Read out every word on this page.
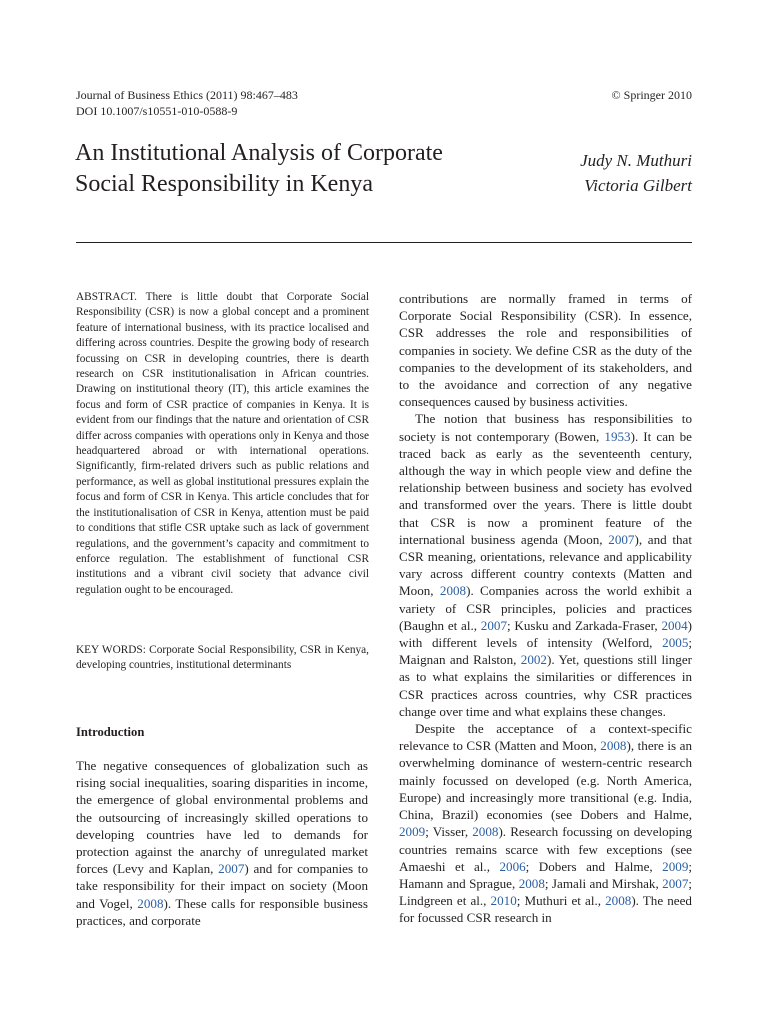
Journal of Business Ethics (2011) 98:467–483
DOI 10.1007/s10551-010-0588-9
© Springer 2010
An Institutional Analysis of Corporate
Social Responsibility in Kenya
Judy N. Muthuri
Victoria Gilbert

ABSTRACT. There is little doubt that Corporate Social Responsibility (CSR) is now a global concept and a prominent feature of international business, with its practice localised and differing across countries. Despite the growing body of research focussing on CSR in developing countries, there is dearth research on CSR institutionalisation in African countries. Drawing on institutional theory (IT), this article examines the focus and form of CSR practice of companies in Kenya. It is evident from our findings that the nature and orientation of CSR differ across companies with operations only in Kenya and those headquartered abroad or with international operations. Significantly, firm-related drivers such as public relations and performance, as well as global institutional pressures explain the focus and form of CSR in Kenya. This article concludes that for the institutionalisation of CSR in Kenya, attention must be paid to conditions that stifle CSR uptake such as lack of government regulations, and the government’s capacity and commitment to enforce regulation. The establishment of functional CSR institutions and a vibrant civil society that advance civil regulation ought to be encouraged.

KEY WORDS: Corporate Social Responsibility, CSR in Kenya, developing countries, institutional determinants

Introduction

The negative consequences of globalization such as rising social inequalities, soaring disparities in income, the emergence of global environmental problems and the outsourcing of increasingly skilled operations to developing countries have led to demands for protection against the anarchy of unregulated market forces (Levy and Kaplan, 2007) and for companies to take responsibility for their impact on society (Moon and Vogel, 2008). These calls for responsible business practices, and corporate

contributions are normally framed in terms of Corporate Social Responsibility (CSR). In essence, CSR addresses the role and responsibilities of companies in society. We define CSR as the duty of the companies to the development of its stakeholders, and to the avoidance and correction of any negative consequences caused by business activities.

The notion that business has responsibilities to society is not contemporary (Bowen, 1953). It can be traced back as early as the seventeenth century, although the way in which people view and define the relationship between business and society has evolved and transformed over the years. There is little doubt that CSR is now a prominent feature of the international business agenda (Moon, 2007), and that CSR meaning, orientations, relevance and applicability vary across different country contexts (Matten and Moon, 2008). Companies across the world exhibit a variety of CSR principles, policies and practices (Baughn et al., 2007; Kusku and Zarkada-Fraser, 2004) with different levels of intensity (Welford, 2005; Maignan and Ralston, 2002). Yet, questions still linger as to what explains the similarities or differences in CSR practices across countries, why CSR practices change over time and what explains these changes.

Despite the acceptance of a context-specific relevance to CSR (Matten and Moon, 2008), there is an overwhelming dominance of western-centric research mainly focussed on developed (e.g. North America, Europe) and increasingly more transitional (e.g. India, China, Brazil) economies (see Dobers and Halme, 2009; Visser, 2008). Research focussing on developing countries remains scarce with few exceptions (see Amaeshi et al., 2006; Dobers and Halme, 2009; Hamann and Sprague, 2008; Jamali and Mirshak, 2007; Lindgreen et al., 2010; Muthuri et al., 2008). The need for focussed CSR research in
